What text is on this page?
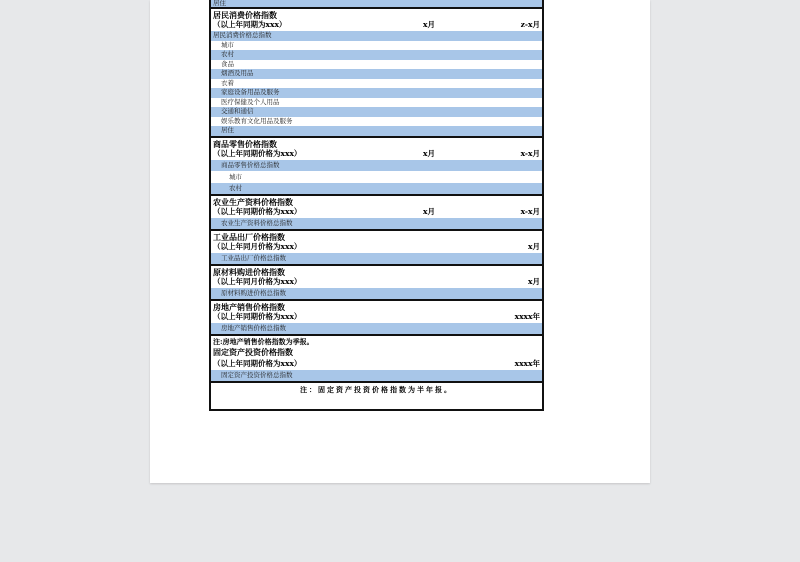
居住
居民消费价格指数
（以上年同期为xxx）	x月	z-x月
居民消费价格总指数
城市
农村
食品
烟酒及用品
衣着
家庭设备用品及服务
医疗保健及个人用品
交通和通信
娱乐教育文化用品及服务
居住
商品零售价格指数
（以上年同期价格为xxx）	x月	x-x月
商品零售价格总指数
城市
农村
农业生产资料价格指数
（以上年同期价格为xxx）	x月	x-x月
农业生产资料价格总指数
工业品出厂价格指数
（以上年同月价格为xxx）	x月
工业品出厂价格总指数
原材料购进价格指数
（以上年同月价格为xxx）	x月
原材料购进价格总指数
房地产销售价格指数
（以上年同期价格为xxx）	xxxx年
房地产销售价格总指数
注:房地产销售价格指数为季报。
固定资产投资价格指数
（以上年同期价格为xxx）	xxxx年
固定资产投资价格总指数
注：固定资产投资价格指数为半年报。
